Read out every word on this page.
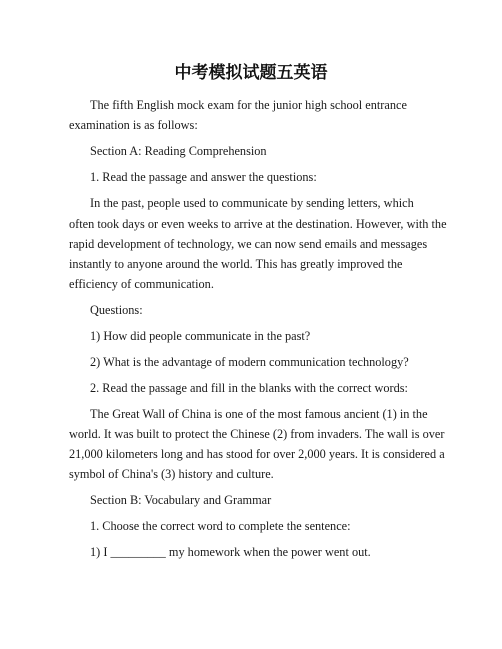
中考模拟试题五英语
The fifth English mock exam for the junior high school entrance
examination is as follows:
Section A: Reading Comprehension
1. Read the passage and answer the questions:
In the past, people used to communicate by sending letters, which
often took days or even weeks to arrive at the destination. However, with the
rapid development of technology, we can now send emails and messages
instantly to anyone around the world. This has greatly improved the
efficiency of communication.
Questions:
1) How did people communicate in the past?
2) What is the advantage of modern communication technology?
2. Read the passage and fill in the blanks with the correct words:
The Great Wall of China is one of the most famous ancient (1) in the
world. It was built to protect the Chinese (2) from invaders. The wall is over
21,000 kilometers long and has stood for over 2,000 years. It is considered a
symbol of China's (3) history and culture.
Section B: Vocabulary and Grammar
1. Choose the correct word to complete the sentence:
1) I _________ my homework when the power went out.
